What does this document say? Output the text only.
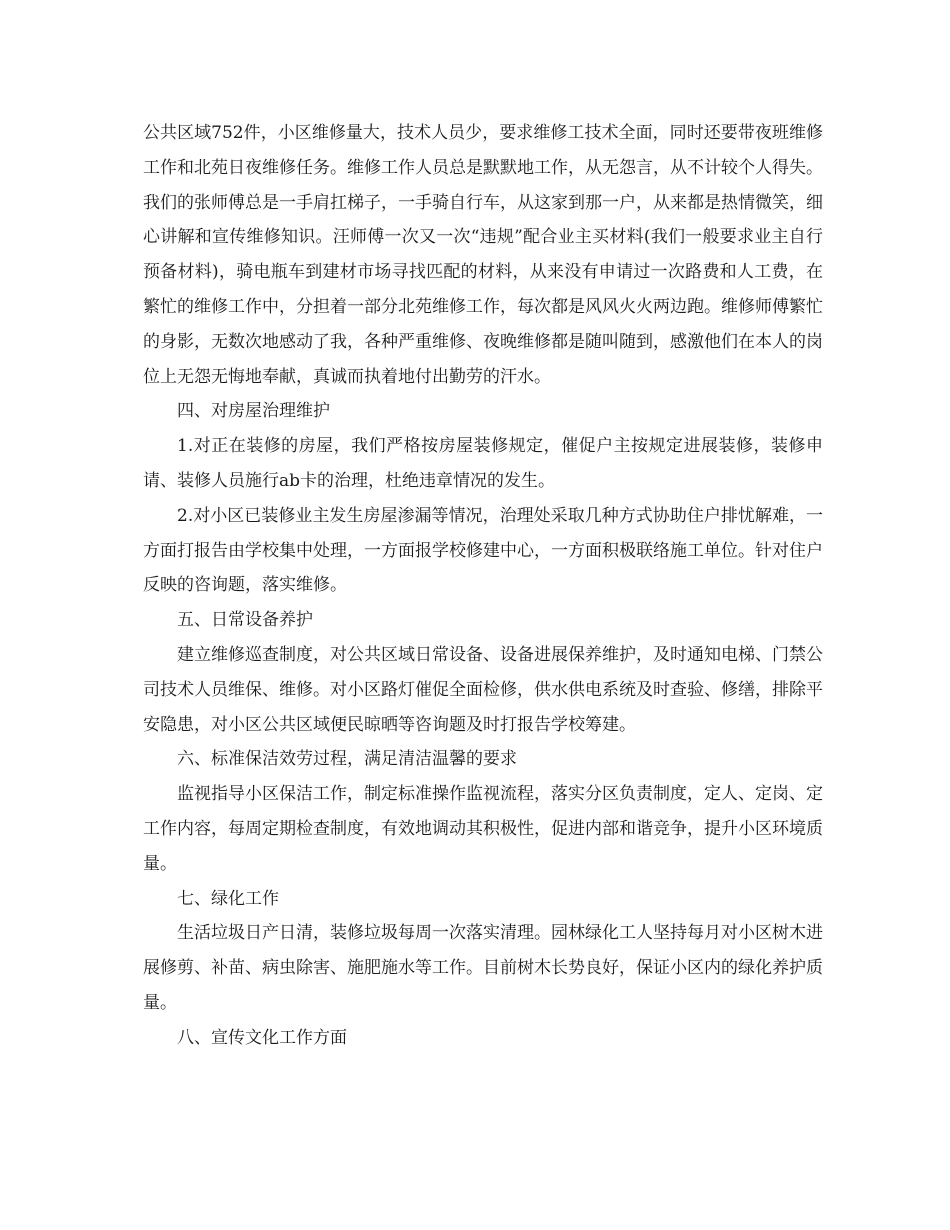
公共区域752件，小区维修量大，技术人员少，要求维修工技术全面，同时还要带夜班维修工作和北苑日夜维修任务。维修工作人员总是默默地工作，从无怨言，从不计较个人得失。我们的张师傅总是一手肩扛梯子，一手骑自行车，从这家到那一户，从来都是热情微笑，细心讲解和宣传维修知识。汪师傅一次又一次“违规”配合业主买材料(我们一般要求业主自行预备材料)，骑电瓶车到建材市场寻找匹配的材料，从来没有申请过一次路费和人工费，在繁忙的维修工作中，分担着一部分北苑维修工作，每次都是风风火火两边跑。维修师傅繁忙的身影，无数次地感动了我，各种严重维修、夜晚维修都是随叫随到，感激他们在本人的岗位上无怨无悔地奉献，真诚而执着地付出勤劳的汗水。

四、对房屋治理维护

1.对正在装修的房屋，我们严格按房屋装修规定，催促户主按规定进展装修，装修申请、装修人员施行ab卡的治理，杜绝违章情况的发生。

2.对小区已装修业主发生房屋渗漏等情况，治理处采取几种方式协助住户排忧解难，一方面打报告由学校集中处理，一方面报学校修建中心，一方面积极联络施工单位。针对住户反映的咨询题，落实维修。

五、日常设备养护

建立维修巡查制度，对公共区域日常设备、设备进展保养维护，及时通知电梯、门禁公司技术人员维保、维修。对小区路灯催促全面检修，供水供电系统及时查验、修缮，排除平安隐患，对小区公共区域便民晾晒等咨询题及时打报告学校筹建。

六、标准保洁效劳过程，满足清洁温馨的要求

监视指导小区保洁工作，制定标准操作监视流程，落实分区负责制度，定人、定岗、定工作内容，每周定期检查制度，有效地调动其积极性，促进内部和谐竞争，提升小区环境质量。

七、绿化工作

生活垃圾日产日清，装修垃圾每周一次落实清理。园林绿化工人坚持每月对小区树木进展修剪、补苗、病虫除害、施肥施水等工作。目前树木长势良好，保证小区内的绿化养护质量。

八、宣传文化工作方面
